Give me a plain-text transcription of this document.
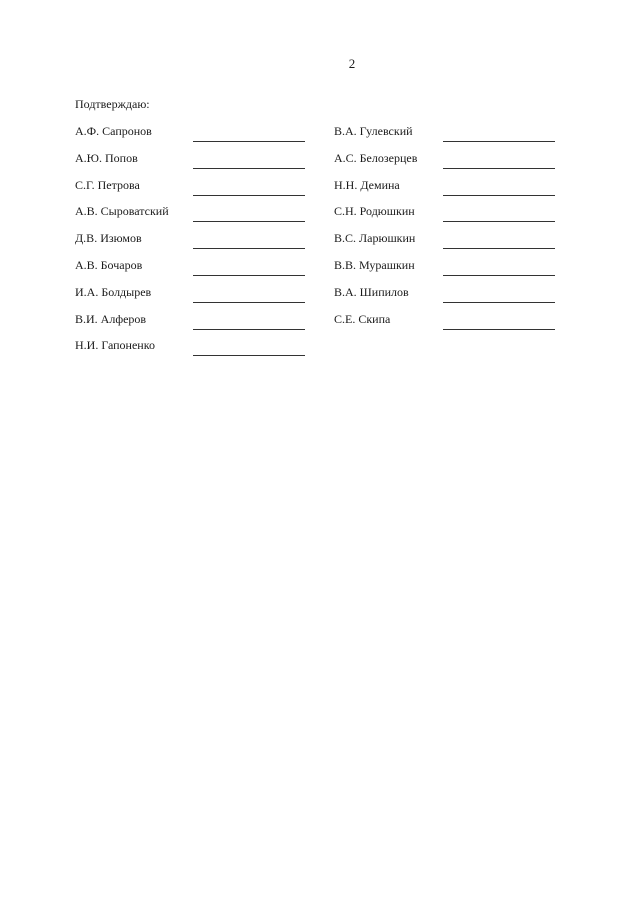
2
Подтверждаю:
А.Ф. Сапронов
А.Ю. Попов
С.Г. Петрова
А.В. Сыроватский
Д.В. Изюмов
А.В. Бочаров
И.А. Болдырев
В.И. Алферов
Н.И. Гапоненко
В.А. Гулевский
А.С. Белозерцев
Н.Н. Демина
С.Н. Родюшкин
В.С. Ларюшкин
В.В. Мурашкин
В.А. Шипилов
С.Е. Скипа
